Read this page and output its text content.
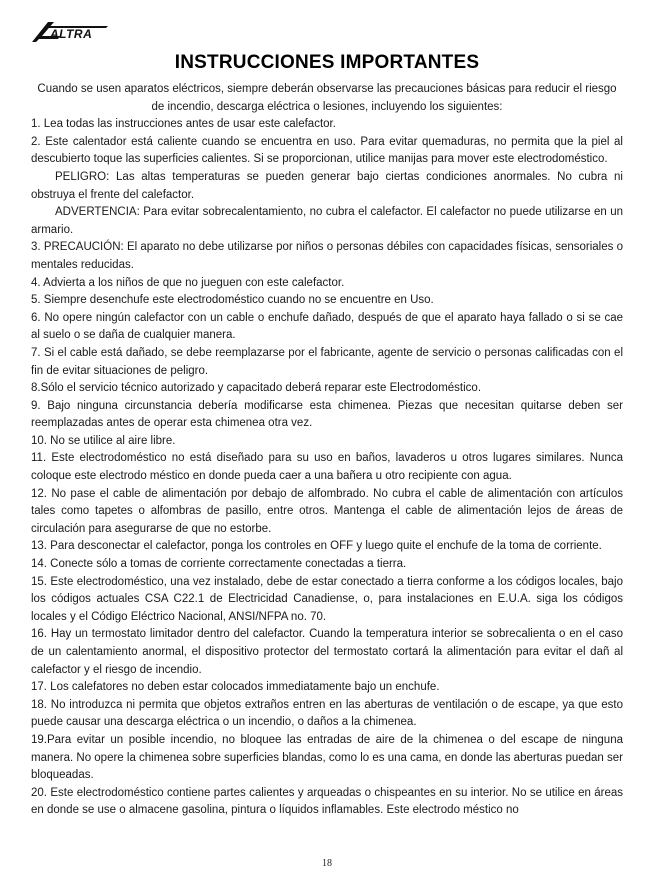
ALTRA
INSTRUCCIONES IMPORTANTES

Cuando se usen aparatos eléctricos, siempre deberán observarse las precauciones básicas para reducir el riesgo de incendio, descarga eléctrica o lesiones, incluyendo los siguientes:

1. Lea todas las instrucciones antes de usar este calefactor.

2. Este calentador está caliente cuando se encuentra en uso. Para evitar quemaduras, no permita que la piel al descubierto toque las superficies calientes. Si se proporcionan, utilice manijas para mover este electrodoméstico.

PELIGRO: Las altas temperaturas se pueden generar bajo ciertas condiciones anormales. No cubra ni obstruya el frente del calefactor.

ADVERTENCIA: Para evitar sobrecalentamiento, no cubra el calefactor. El calefactor no puede utilizarse en un armario.

3. PRECAUCIÓN: El aparato no debe utilizarse por niños o personas débiles con capacidades físicas, sensoriales o mentales reducidas.

4. Advierta a los niños de que no jueguen con este calefactor.

5. Siempre desenchufe este electrodoméstico cuando no se encuentre en Uso.

6. No opere ningún calefactor con un cable o enchufe dañado, después de que el aparato haya fallado o si se cae al suelo o se daña de cualquier manera.

7. Si el cable está dañado, se debe reemplazarse por el fabricante, agente de servicio o personas calificadas con el fin de evitar situaciones de peligro.

8.Sólo el servicio técnico autorizado y capacitado deberá reparar este Electrodoméstico.

9. Bajo ninguna circunstancia debería modificarse esta chimenea. Piezas que necesitan quitarse deben ser reemplazadas antes de operar esta chimenea otra vez.

10. No se utilice al aire libre.

11. Este electrodoméstico no está diseñado para su uso en baños, lavaderos u otros lugares similares. Nunca coloque este electrodo méstico en donde pueda caer a una bañera u otro recipiente con agua.

12. No pase el cable de alimentación por debajo de alfombrado. No cubra el cable de alimentación con artículos tales como tapetes o alfombras de pasillo, entre otros. Mantenga el cable de alimentación lejos de áreas de circulación para asegurarse de que no estorbe.

13. Para desconectar el calefactor, ponga los controles en OFF y luego quite el enchufe de la toma de corriente.

14. Conecte sólo a tomas de corriente correctamente conectadas a tierra.

15. Este electrodoméstico, una vez instalado, debe de estar conectado a tierra conforme a los códigos locales, bajo los códigos actuales CSA C22.1 de Electricidad Canadiense, o, para instalaciones en E.U.A. siga los códigos locales y el Código Eléctrico Nacional, ANSI/NFPA no. 70.

16. Hay un termostato limitador dentro del calefactor. Cuando la temperatura interior se sobrecalienta o en el caso de un calentamiento anormal, el dispositivo protector del termostato cortará la alimentación para evitar el dañ al calefactor y el riesgo de incendio.

17. Los calefatores no deben estar colocados immediatamente bajo un enchufe.

18. No introduzca ni permita que objetos extraños entren en las aberturas de ventilación o de escape, ya que esto puede causar una descarga eléctrica o un incendio, o daños a la chimenea.

19.Para evitar un posible incendio, no bloquee las entradas de aire de la chimenea o del escape de ninguna manera. No opere la chimenea sobre superficies blandas, como lo es una cama, en donde las aberturas puedan ser bloqueadas.

20. Este electrodoméstico contiene partes calientes y arqueadas o chispeantes en su interior. No se utilice en áreas en donde se use o almacene gasolina, pintura o líquidos inflamables. Este electrodo méstico no

18
